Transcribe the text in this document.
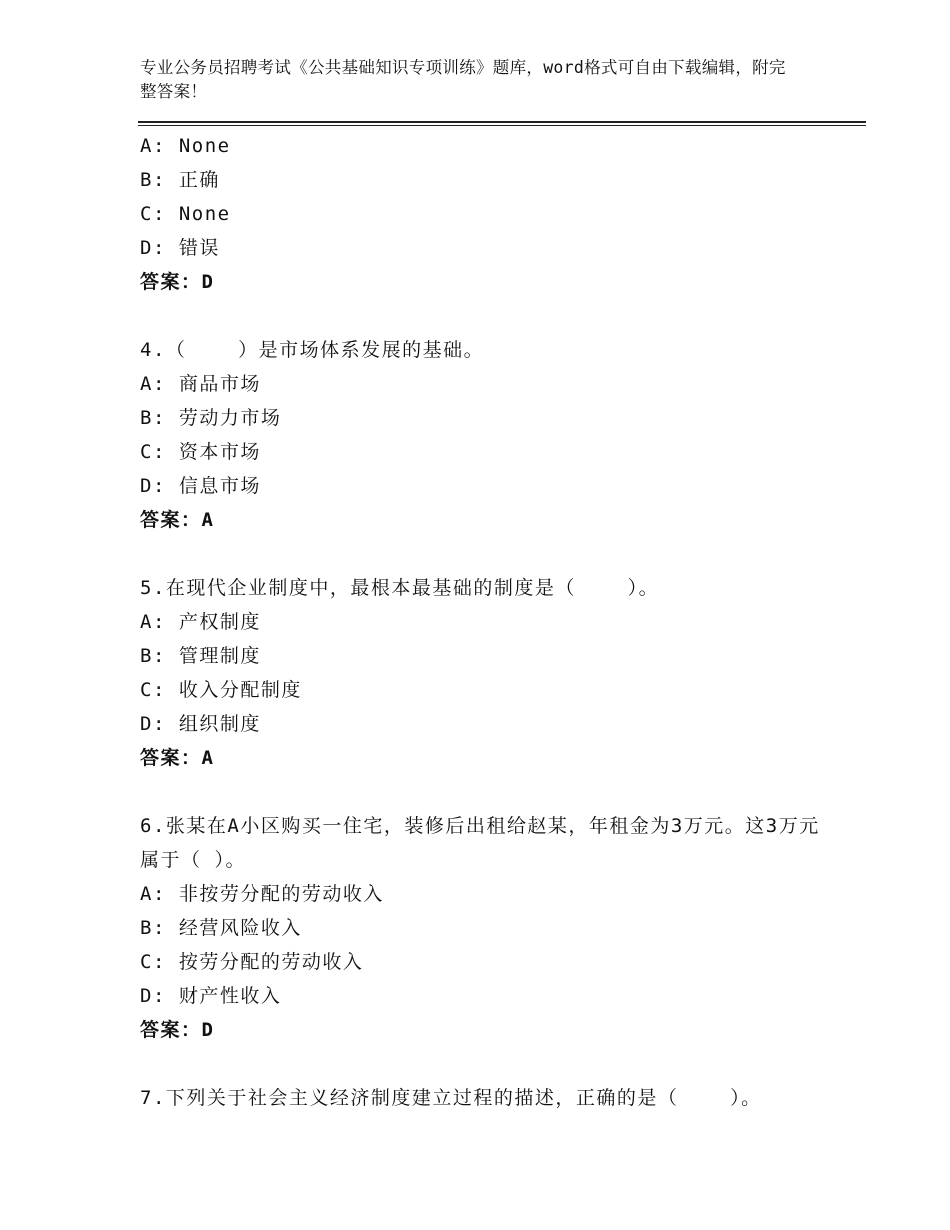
专业公务员招聘考试《公共基础知识专项训练》题库，word格式可自由下载编辑，附完整答案！
A: None
B: 正确
C: None
D: 错误
答案：D
4.（    ）是市场体系发展的基础。
A: 商品市场
B: 劳动力市场
C: 资本市场
D: 信息市场
答案：A
5.在现代企业制度中，最根本最基础的制度是（    ）。
A: 产权制度
B: 管理制度
C: 收入分配制度
D: 组织制度
答案：A
6.张某在A小区购买一住宅，装修后出租给赵某，年租金为3万元。这3万元属于（ ）。
A: 非按劳分配的劳动收入
B: 经营风险收入
C: 按劳分配的劳动收入
D: 财产性收入
答案：D
7.下列关于社会主义经济制度建立过程的描述，正确的是（    ）。
